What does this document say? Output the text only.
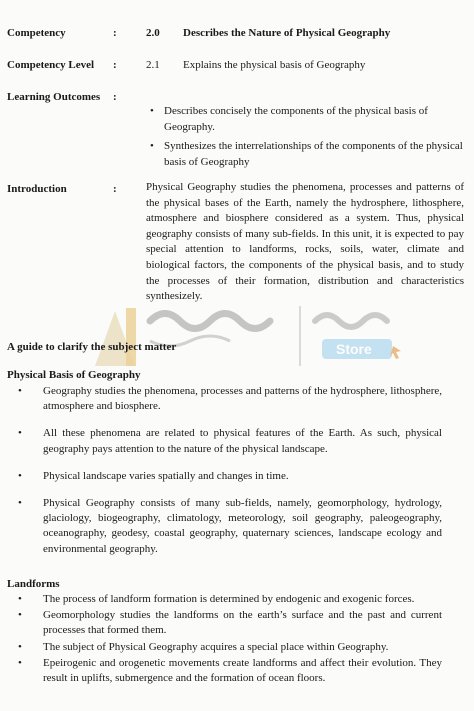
Competency	:	2.0 Describes the Nature of Physical Geography
Competency Level :	2.1 Explains the physical basis of Geography
Learning Outcomes :
• Describes concisely the components of the physical basis of Geography.
• Synthesizes the interrelationships of the components of the physical basis of Geography
Introduction	:	Physical Geography studies the phenomena, processes and patterns of the physical bases of the Earth, namely the hydrosphere, lithosphere, atmosphere and biosphere considered as a system. Thus, physical geography consists of many sub-fields. In this unit, it is expected to pay special attention to landforms, rocks, soils, water, climate and biological factors, the components of the physical basis, and to study the processes of their formation, distribution and characteristics synthesizely.

Store
A guide to clarify the subject matter
Physical Basis of Geography
• Geography studies the phenomena, processes and patterns of the hydrosphere, lithosphere, atmosphere and biosphere.
• All these phenomena are related to physical features of the Earth. As such, physical geography pays attention to the nature of the physical landscape.
• Physical landscape varies spatially and changes in time.
• Physical Geography consists of many sub-fields, namely, geomorphology, hydrology, glaciology, biogeography, climatology, meteorology, soil geography, paleogeography, oceanography, geodesy, coastal geography, quaternary sciences, landscape ecology and environmental geography.
Landforms
• The process of landform formation is determined by endogenic and exogenic forces.
• Geomorphology studies the landforms on the earth’s surface and the past and current processes that formed them.
• The subject of Physical Geography acquires a special place within Geography.
• Epeirogenic and orogenetic movements create landforms and affect their evolution. They result in uplifts, submergence and the formation of ocean floors.
